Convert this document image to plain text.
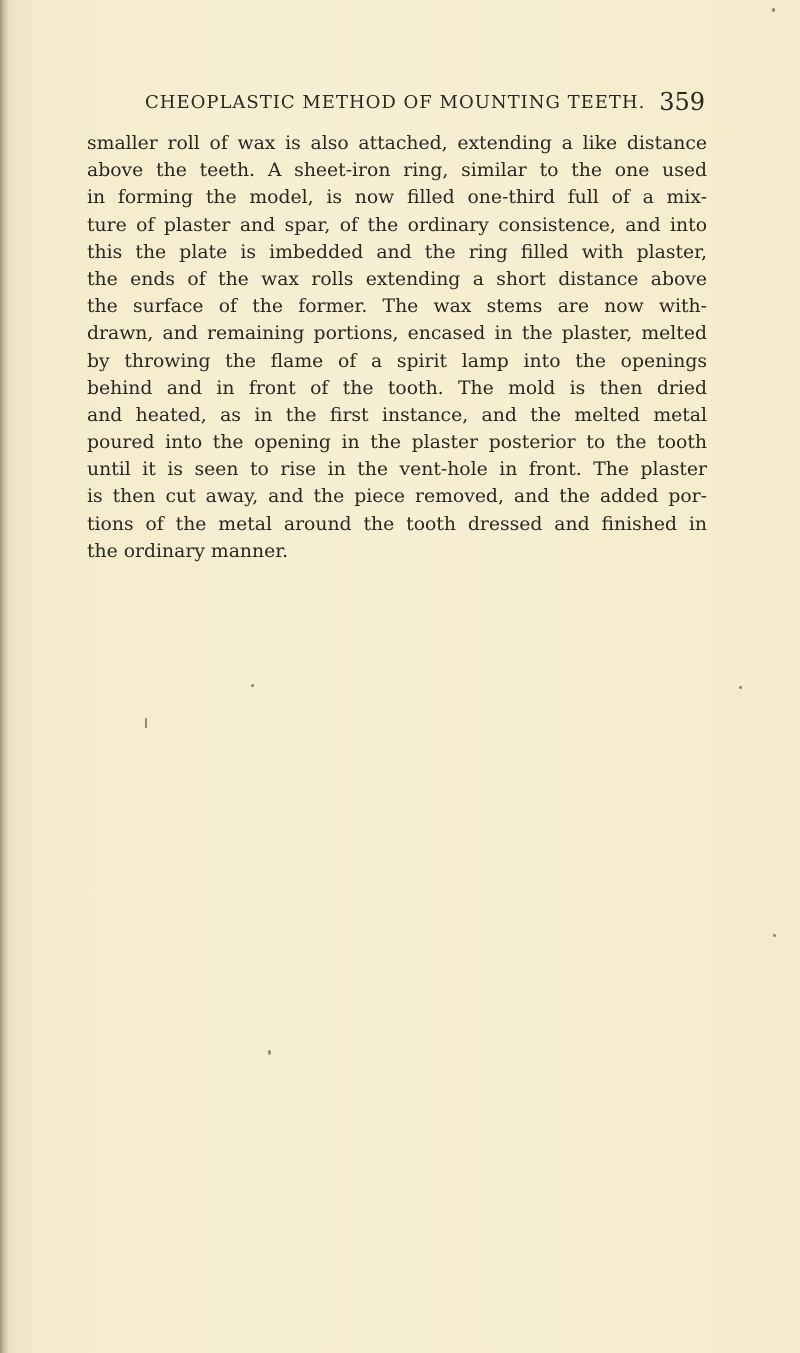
CHEOPLASTIC METHOD OF MOUNTING TEETH. 359
smaller roll of wax is also attached, extending a like distance
above the teeth. A sheet-iron ring, similar to the one used
in forming the model, is now filled one-third full of a mix-
ture of plaster and spar, of the ordinary consistence, and into
this the plate is imbedded and the ring filled with plaster,
the ends of the wax rolls extending a short distance above
the surface of the former. The wax stems are now with-
drawn, and remaining portions, encased in the plaster, melted
by throwing the flame of a spirit lamp into the openings
behind and in front of the tooth. The mold is then dried
and heated, as in the first instance, and the melted metal
poured into the opening in the plaster posterior to the tooth
until it is seen to rise in the vent-hole in front. The plaster
is then cut away, and the piece removed, and the added por-
tions of the metal around the tooth dressed and finished in
the ordinary manner.
